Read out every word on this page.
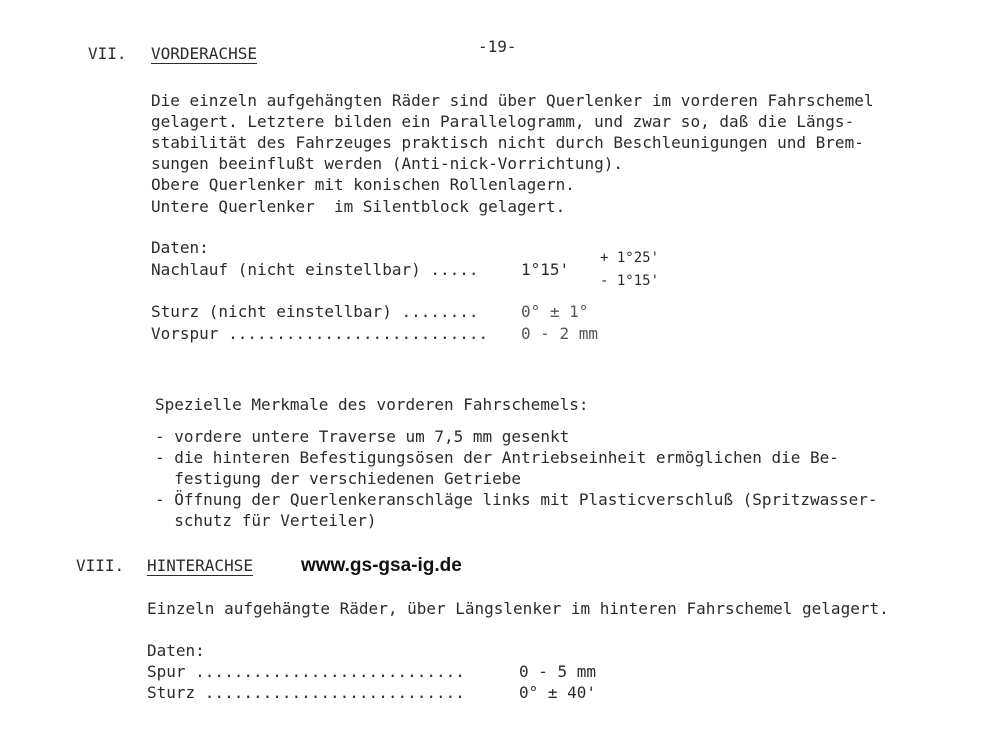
VII. VORDERACHSE	-19-
Die einzeln aufgehängten Räder sind über Querlenker im vorderen Fahrschemel
gelagert. Letztere bilden ein Parallelogramm, und zwar so, daß die Längs-
stabilität des Fahrzeuges praktisch nicht durch Beschleunigungen und Brem-
sungen beeinflußt werden (Anti-nick-Vorrichtung).
Obere Querlenker mit konischen Rollenlagern.
Untere Querlenker  im Silentblock gelagert.
Daten:
Nachlauf (nicht einstellbar) .....	1°15'
+ 1°25'
- 1°15'
Sturz (nicht einstellbar) ........	0° ± 1°
Vorspur ........................... 0 - 2 mm
Spezielle Merkmale des vorderen Fahrschemels:
- vordere untere Traverse um 7,5 mm gesenkt
- die hinteren Befestigungsösen der Antriebseinheit ermöglichen die Be-
festigung der verschiedenen Getriebe
- Öffnung der Querlenkeranschläge links mit Plasticverschluß (Spritzwasser-
schutz für Verteiler)
VIII. HINTERACHSE	www.gs-gsa-ig.de
Einzeln aufgehängte Räder, über Längslenker im hinteren Fahrschemel gelagert.
Daten:
Spur ............................	0 - 5 mm
Sturz ...........................	0° ± 40'
